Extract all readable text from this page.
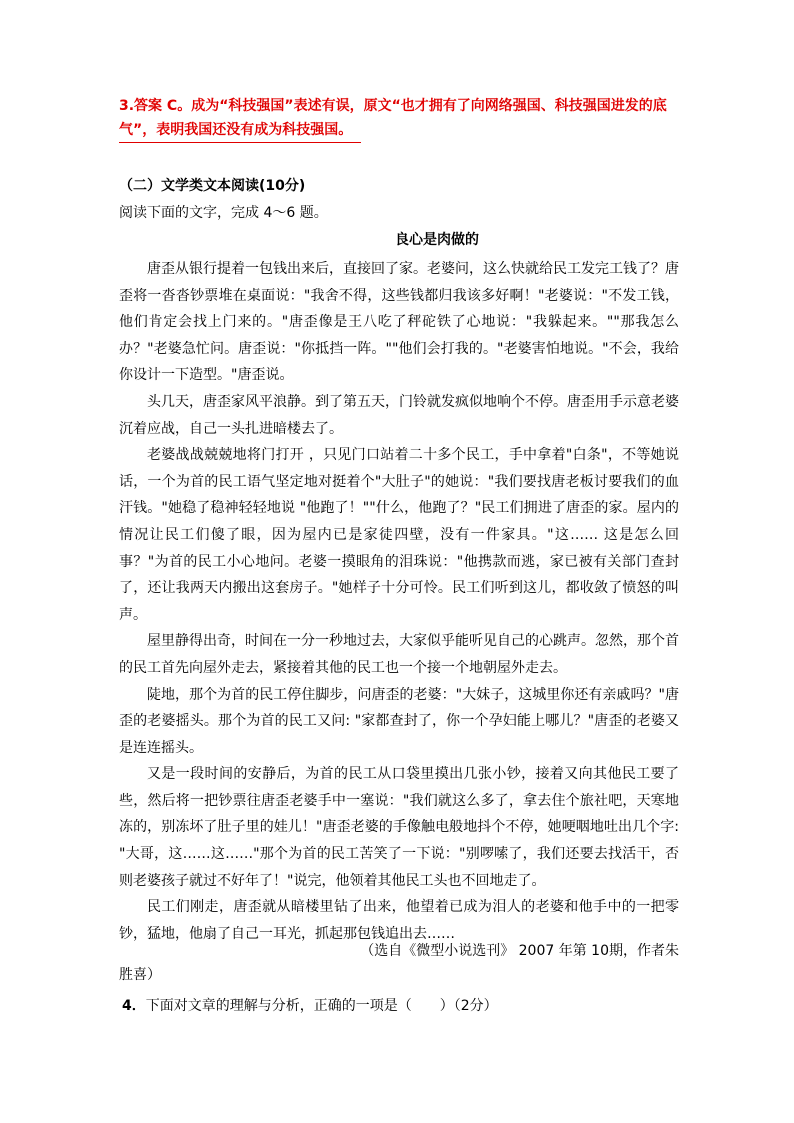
3.答案 C。成为“科技强国”表述有误，原文“也才拥有了向网络强国、科技强国进发的底气”，表明我国还没有成为科技强国。
（二）文学类文本阅读(10分)
阅读下面的文字，完成 4～6 题。
良心是肉做的

唐歪从银行提着一包钱出来后，直接回了家。老婆问，这么快就给民工发完工钱了？唐歪将一沓沓钞票堆在桌面说："我舍不得，这些钱都归我该多好啊！"老婆说："不发工钱，他们肯定会找上门来的。"唐歪像是王八吃了秤砣铁了心地说："我躲起来。""那我怎么办？"老婆急忙问。唐歪说："你抵挡一阵。""他们会打我的。"老婆害怕地说。"不会，我给你设计一下造型。"唐歪说。

头几天，唐歪家风平浪静。到了第五天，门铃就发疯似地响个不停。唐歪用手示意老婆沉着应战，自己一头扎进暗楼去了。

老婆战战兢兢地将门打开 ，只见门口站着二十多个民工，手中拿着"白条"，不等她说话，一个为首的民工语气坚定地对挺着个"大肚子"的她说："我们要找唐老板讨要我们的血汗钱。"她稳了稳神轻轻地说 "他跑了！""什么，他跑了？"民工们拥进了唐歪的家。屋内的情况让民工们傻了眼，因为屋内已是家徒四壁，没有一件家具。"这…… 这是怎么回事？"为首的民工小心地问。老婆一摸眼角的泪珠说："他携款而逃，家已被有关部门查封了，还让我两天内搬出这套房子。"她样子十分可怜。民工们听到这儿，都收敛了愤怒的叫声。

屋里静得出奇，时间在一分一秒地过去，大家似乎能听见自己的心跳声。忽然，那个首的民工首先向屋外走去，紧接着其他的民工也一个接一个地朝屋外走去。

陡地，那个为首的民工停住脚步，问唐歪的老婆："大妹子，这城里你还有亲戚吗？"唐歪的老婆摇头。那个为首的民工又问: "家都查封了，你一个孕妇能上哪儿？"唐歪的老婆又是连连摇头。

又是一段时间的安静后，为首的民工从口袋里摸出几张小钞，接着又向其他民工要了些，然后将一把钞票往唐歪老婆手中一塞说："我们就这么多了，拿去住个旅社吧，天寒地冻的，别冻坏了肚子里的娃儿！"唐歪老婆的手像触电般地抖个不停，她哽咽地吐出几个字: "大哥，这……这……"那个为首的民工苦笑了一下说："别啰嗦了，我们还要去找活干，否则老婆孩子就过不好年了！"说完，他领着其他民工头也不回地走了。

民工们刚走，唐歪就从暗楼里钻了出来，他望着已成为泪人的老婆和他手中的一把零钞，猛地，他扇了自己一耳光，抓起那包钱追出去……

（选自《微型小说选刊》 2007 年第 10期，作者朱
胜喜）
4．下面对文章的理解与分析，正确的一项是（　　）（2分）
